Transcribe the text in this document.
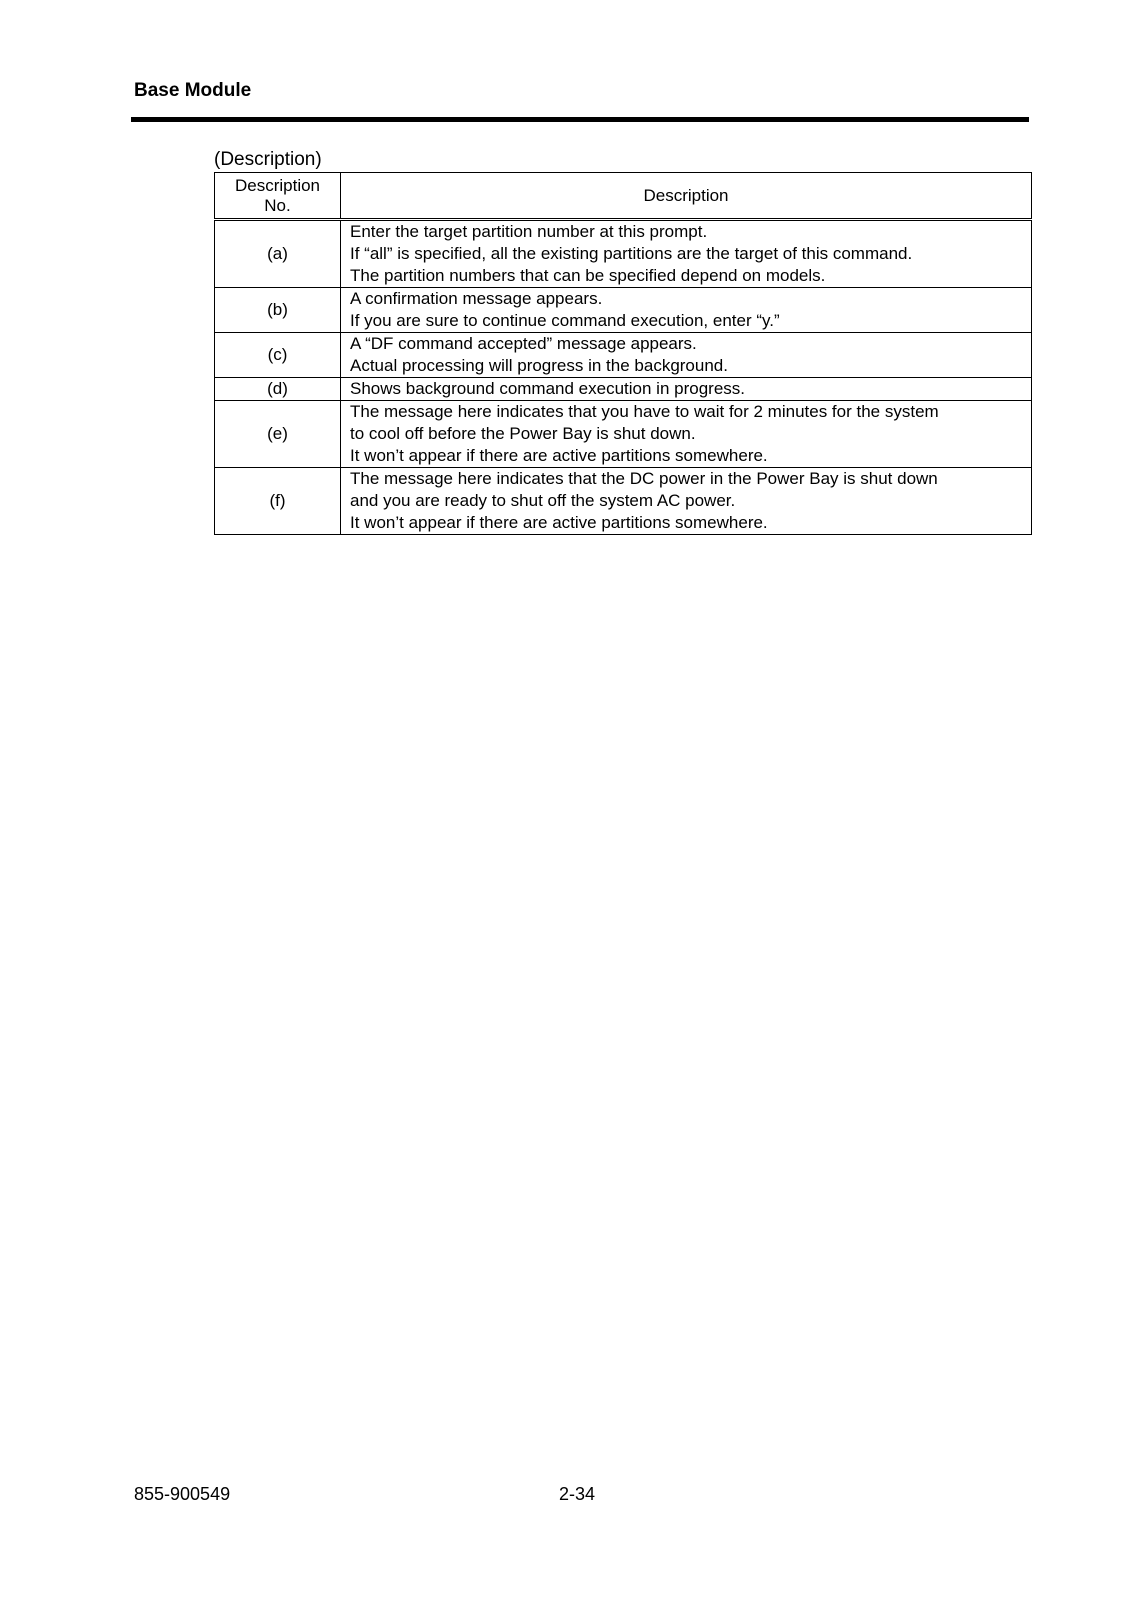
Base Module
(Description)
Description
No.	Description
(a)	Enter the target partition number at this prompt.
If “all” is specified, all the existing partitions are the target of this command.
The partition numbers that can be specified depend on models.

(b)	A confirmation message appears.
If you are sure to continue command execution, enter “y.”

(c)	A “DF command accepted” message appears.
Actual processing will progress in the background.

(d)	Shows background command execution in progress.

(e)	The message here indicates that you have to wait for 2 minutes for the system
to cool off before the Power Bay is shut down.
It won’t appear if there are active partitions somewhere.

(f)	The message here indicates that the DC power in the Power Bay is shut down
and you are ready to shut off the system AC power.
It won’t appear if there are active partitions somewhere.
855-900549	2-34
